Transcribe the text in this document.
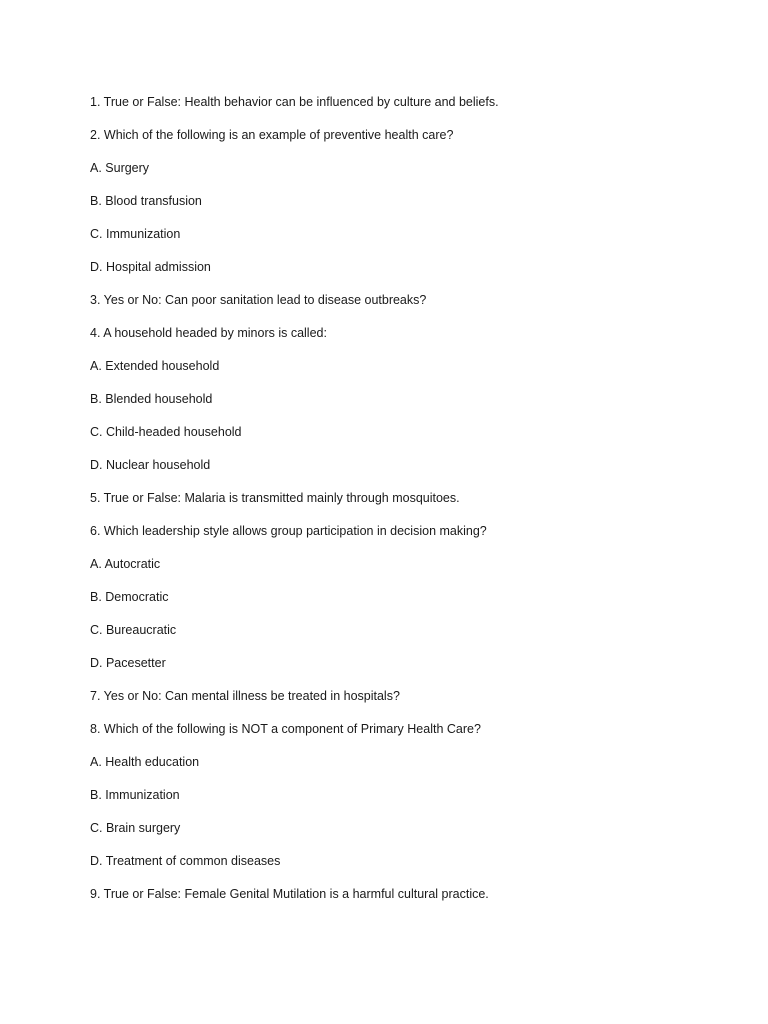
1. True or False: Health behavior can be influenced by culture and beliefs.
2. Which of the following is an example of preventive health care?
A. Surgery
B. Blood transfusion
C. Immunization
D. Hospital admission
3. Yes or No: Can poor sanitation lead to disease outbreaks?
4. A household headed by minors is called:
A. Extended household
B. Blended household
C. Child-headed household
D. Nuclear household
5. True or False: Malaria is transmitted mainly through mosquitoes.
6. Which leadership style allows group participation in decision making?
A. Autocratic
B. Democratic
C. Bureaucratic
D. Pacesetter
7. Yes or No: Can mental illness be treated in hospitals?
8. Which of the following is NOT a component of Primary Health Care?
A. Health education
B. Immunization
C. Brain surgery
D. Treatment of common diseases
9. True or False: Female Genital Mutilation is a harmful cultural practice.
